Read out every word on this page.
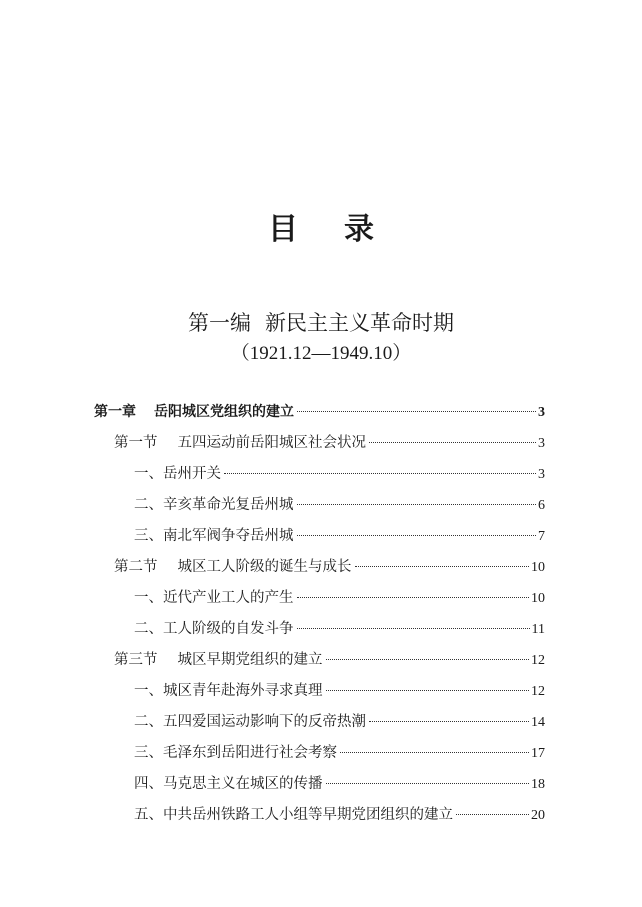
目录
第一编 新民主主义革命时期
（1921.12—1949.10）
第一章 岳阳城区党组织的建立	3
第一节 五四运动前岳阳城区社会状况	3
一、岳州开关	3
二、辛亥革命光复岳州城	6
三、南北军阀争夺岳州城	7
第二节 城区工人阶级的诞生与成长	10
一、近代产业工人的产生	10
二、工人阶级的自发斗争	11
第三节 城区早期党组织的建立	12
一、城区青年赴海外寻求真理	12
二、五四爱国运动影响下的反帝热潮	14
三、毛泽东到岳阳进行社会考察	17
四、马克思主义在城区的传播	18
五、中共岳州铁路工人小组等早期党团组织的建立	20
